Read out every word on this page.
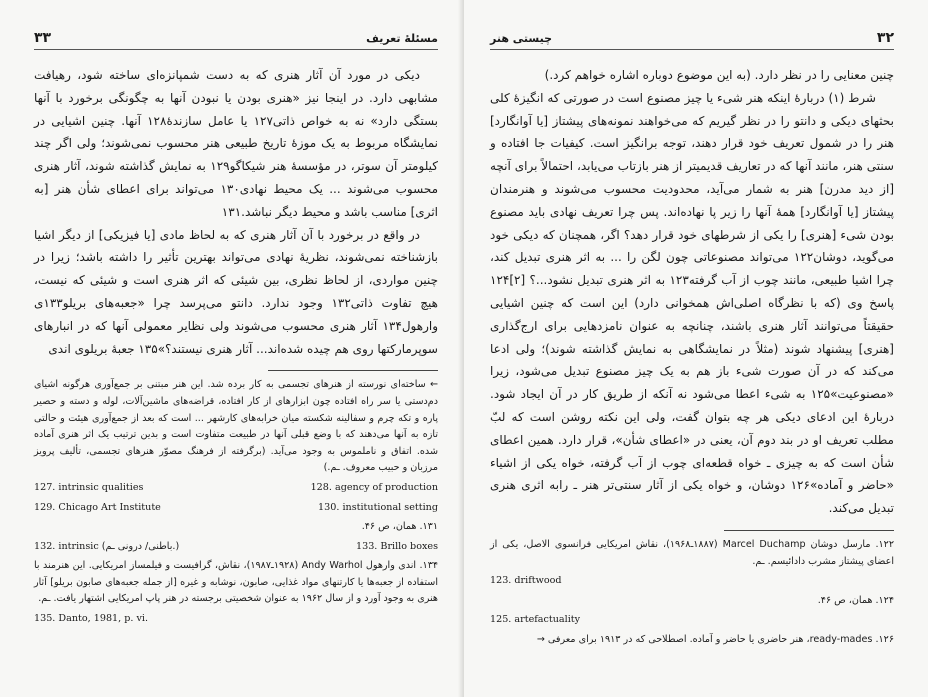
۳۳	مسئلهٔ تعریف

دیکی در مورد آن آثار هنری که به دست شمپانزه‌ای ساخته شود، رهیافت مشابهی دارد. در اینجا نیز «هنری بودن یا نبودن آنها به چگونگی برخورد با آنها بستگی دارد» نه به خواص ذاتی۱۲۷ یا عامل سازندهٔ۱۲۸ آنها. چنین اشیایی در نمایشگاه مربوط به یک موزهٔ تاریخ طبیعی هنر محسوب نمی‌شوند؛ ولی اگر چند کیلومتر آن سوتر، در مؤسسهٔ هنر شیکاگو۱۲۹ به نمایش گذاشته شوند، آثار هنری محسوب می‌شوند ... یک محیط نهادی۱۳۰ می‌تواند برای اعطای شأن هنر [به اثری] مناسب باشد و محیط دیگر نباشد.۱۳۱

در واقع در برخورد با آن آثار هنری که به لحاظ مادی [یا فیزیکی] از دیگر اشیا بازشناخته نمی‌شوند، نظریهٔ نهادی می‌تواند بهترین تأثیر را داشته باشد؛ زیرا در چنین مواردی، از لحاظ نظری، بین شیئی که اثر هنری است و شیئی که نیست، هیچ تفاوت ذاتی۱۳۲ وجود ندارد. دانتو می‌پرسد چرا «جعبه‌های بریلو۱۳۳ی وارهول۱۳۴ آثار هنری محسوب می‌شوند ولی نظایر معمولی آنها که در انبارهای سوپرمارکتها روی هم چیده شده‌اند... آثار هنری نیستند؟»۱۳۵ جعبهٔ بریلوی اندی

← ساخته‌ای نورسته از هنرهای تجسمی به کار برده شد. این هنر مبتنی بر جمع‌آوری هرگونه اشیای دم‌دستی یا سر راه افتاده چون ابزارهای از کار افتاده، قراضه‌های ماشین‌آلات، لوله و دسته و حصیر پاره و تکه چرم و سفالینه شکسته میان خرابه‌های کارشهر ... است که بعد از جمع‌آوری هیئت و حالتی تازه به آنها می‌دهند که با وضع قبلی آنها در طبیعت متفاوت است و بدین ترتیب یک اثر هنری آماده شده. اتفاق و ناملموس به وجود می‌آید. (برگرفته از فرهنگ مصوّر هنرهای تجسمی، تألیف پرویز مرزبان و حبیب معروف. ـم.)

127. intrinsic qualities	128. agency of production
129. Chicago Art Institute	130. institutional setting

۱۳۱. همان، ص ۴۶.

132. intrinsic (باطنی/ درونی ـم.)	133. Brillo boxes

۱۳۴. اندی وارهول Andy Warhol (۱۹۲۸ـ۱۹۸۷)، نقاش، گرافیست و فیلمساز امریکایی. این هنرمند با استفاده از جعبه‌ها یا کارتنهای مواد غذایی، صابون، نوشابه و غیره [از جمله جعبه‌های صابون بریلو] آثار هنری به وجود آورد و از سال ۱۹۶۲ به عنوان شخصیتی برجسته در هنر پاپ امریکایی اشتهار یافت. ـم.

135. Danto, 1981, p. vi.

چیستی هنر	۳۲

چنین معنایی را در نظر دارد. (به این موضوع دوباره اشاره خواهم کرد.)

شرط (۱) دربارهٔ اینکه هنر شیء یا چیز مصنوع است در صورتی که انگیزهٔ کلی بحثهای دیکی و دانتو را در نظر گیریم که می‌خواهند نمونه‌های پیشتاز [یا آوانگارد] هنر را در شمول تعریف خود قرار دهند، توجه برانگیز است. کیفیات جا افتاده و سنتی هنر، مانند آنها که در تعاریف قدیمیتر از هنر بازتاب می‌یابد، احتمالاً برای آنچه [از دید مدرن] هنر به شمار می‌آید، محدودیت محسوب می‌شوند و هنرمندان پیشتاز [یا آوانگارد] همهٔ آنها را زیر پا نهاده‌اند. پس چرا تعریف نهادی باید مصنوع بودن شیء [هنری] را یکی از شرطهای خود قرار دهد؟ اگر، همچنان که دیکی خود می‌گوید، دوشان۱۲۲ می‌تواند مصنوعاتی چون لگن را ... به اثر هنری تبدیل کند، چرا اشیا طبیعی، مانند چوب از آب گرفته۱۲۳ به اثر هنری تبدیل نشود...؟ [۲]۱۲۴ پاسخ وی (که با نظرگاه اصلی‌اش همخوانی دارد) این است که چنین اشیایی حقیقتاً می‌توانند آثار هنری باشند، چنانچه به عنوان نامزدهایی برای ارج‌گذاری [هنری] پیشنهاد شوند (مثلاً در نمایشگاهی به نمایش گذاشته شوند)؛ ولی ادعا می‌کند که در آن صورت شیء باز هم به یک چیز مصنوع تبدیل می‌شود، زیرا «مصنوعیت»۱۲۵ به شیء اعطا می‌شود نه آنکه از طریق کار در آن ایجاد شود. دربارهٔ این ادعای دیکی هر چه بتوان گفت، ولی این نکته روشن است که لبّ مطلب تعریف او در بند دوم آن، یعنی در «اعطای شأن»، قرار دارد. همین اعطای شأن است که به چیزی ـ خواه قطعه‌ای چوب از آب گرفته، خواه یکی از اشیاء «حاضر و آماده»۱۲۶ دوشان، و خواه یکی از آثار سنتی‌تر هنر ـ رابه اثری هنری تبدیل می‌کند.

۱۲۲. مارسل دوشان Marcel Duchamp (۱۸۸۷ـ۱۹۶۸)، نقاش امریکایی فرانسوی الاصل، یکی از اعضای پیشتاز مشرب دادائیسم. ـم.

123. driftwood

۱۲۴. همان، ص ۴۶.

125. artefactuality

۱۲۶. ready-mades، هنر حاضری یا حاضر و آماده. اصطلاحی که در ۱۹۱۳ برای معرفی →
